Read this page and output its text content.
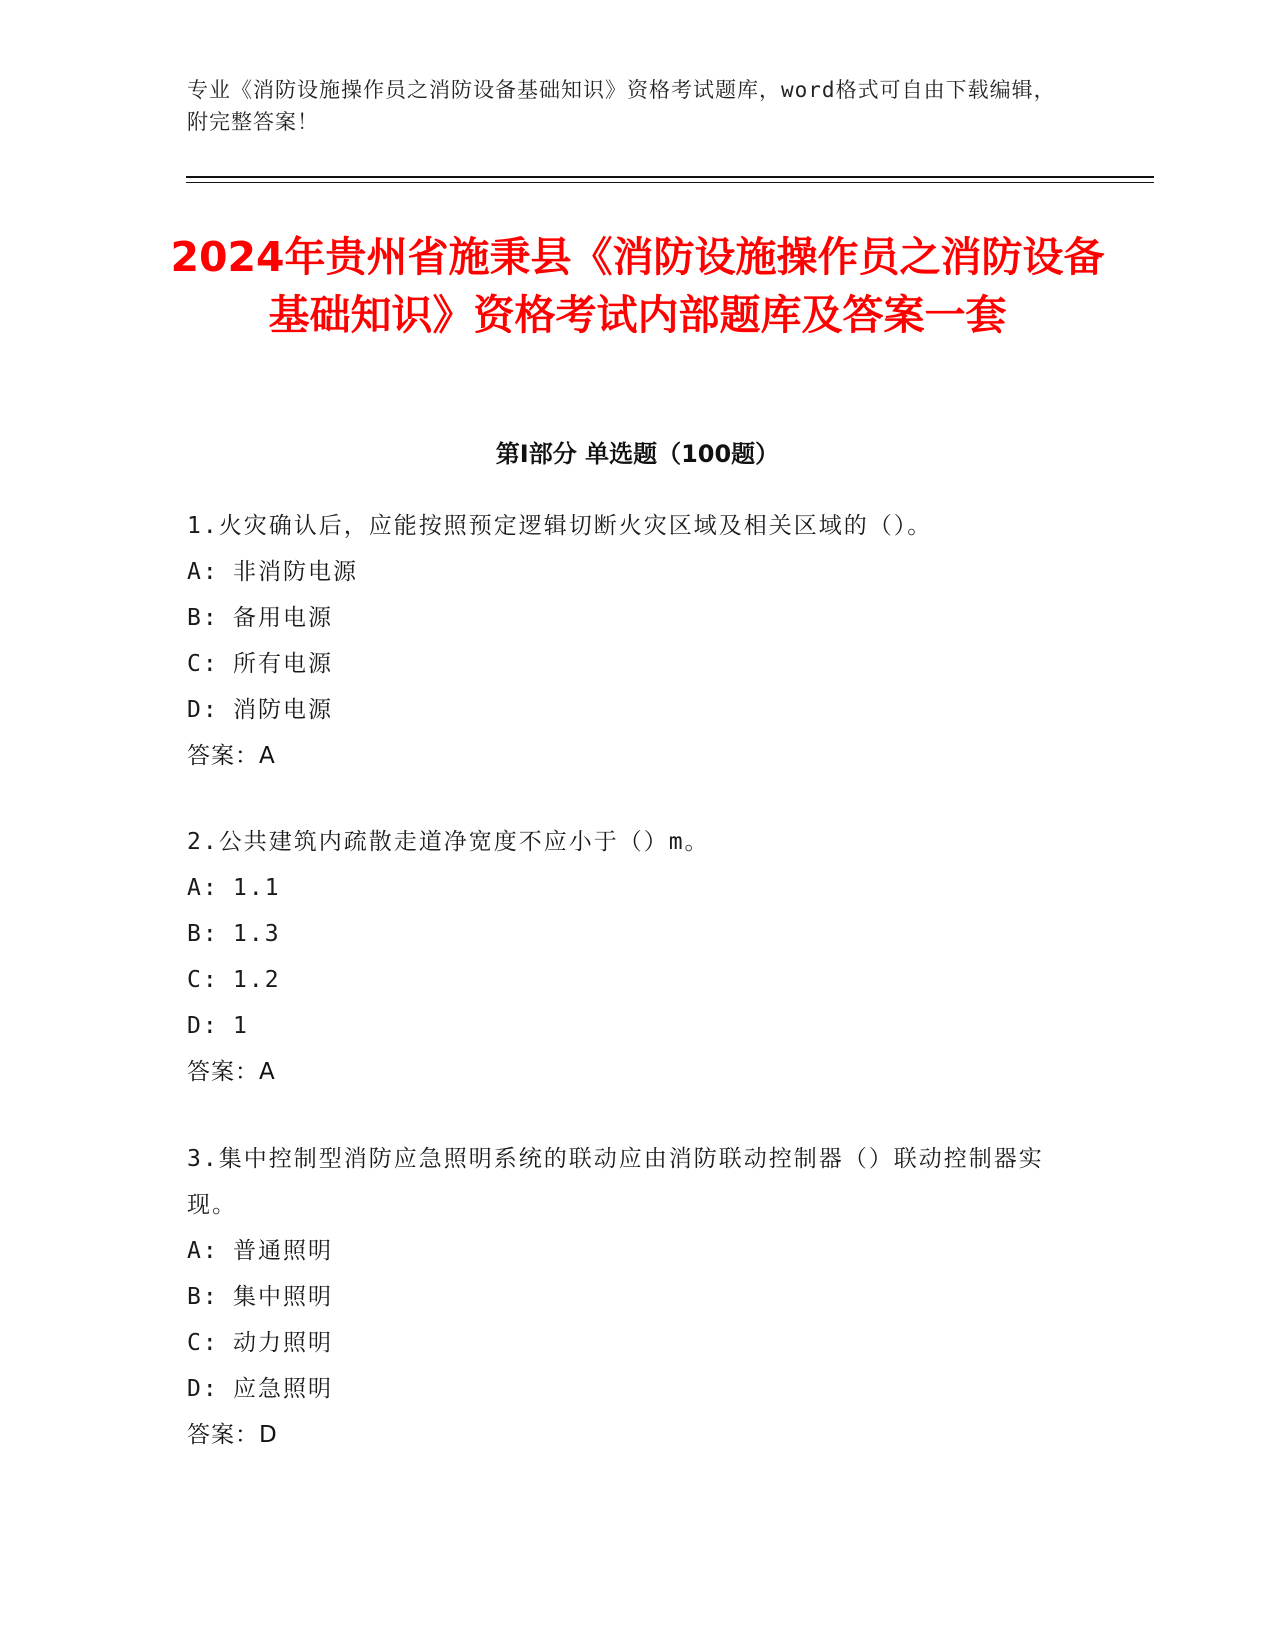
专业《消防设施操作员之消防设备基础知识》资格考试题库，word格式可自由下载编辑，附完整答案！
2024年贵州省施秉县《消防设施操作员之消防设备基础知识》资格考试内部题库及答案一套
第I部分 单选题（100题）
1.火灾确认后，应能按照预定逻辑切断火灾区域及相关区域的（）。
A: 非消防电源
B: 备用电源
C: 所有电源
D: 消防电源
答案：A
2.公共建筑内疏散走道净宽度不应小于（）m。
A: 1.1
B: 1.3
C: 1.2
D: 1
答案：A
3.集中控制型消防应急照明系统的联动应由消防联动控制器（）联动控制器实现。
A: 普通照明
B: 集中照明
C: 动力照明
D: 应急照明
答案：D
